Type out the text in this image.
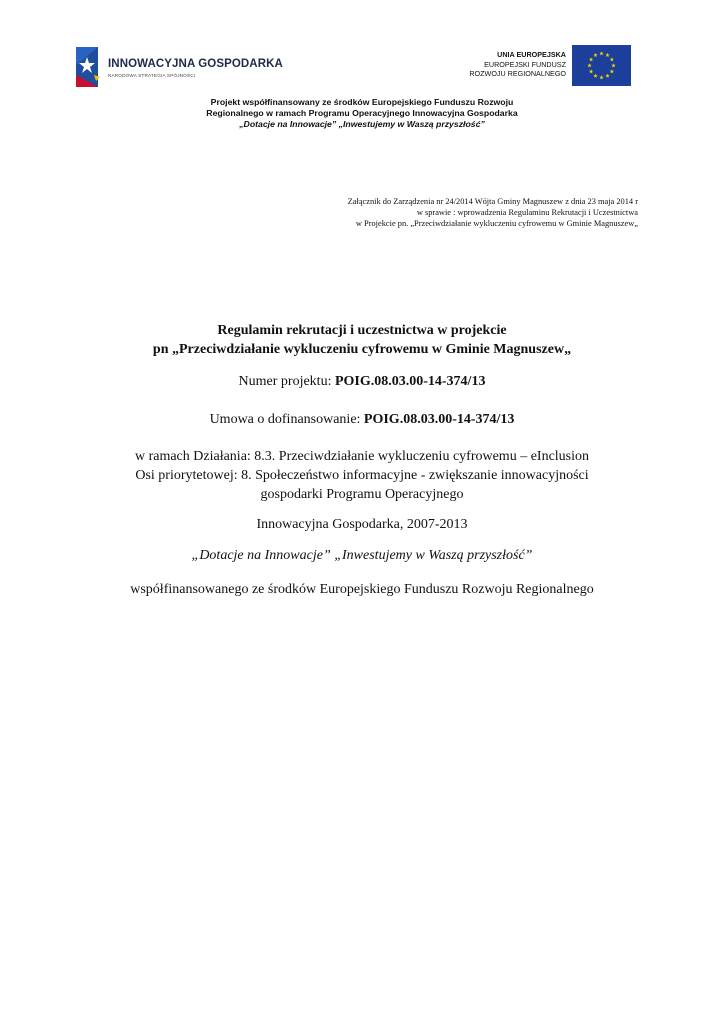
INNOWACYJNA GOSPODARKA
NARODOWA STRATEGIA SPÓJNOŚCI
UNIA EUROPEJSKA
EUROPEJSKI FUNDUSZ
ROZWOJU REGIONALNEGO
Projekt współfinansowany ze środków Europejskiego Funduszu Rozwoju
Regionalnego w ramach Programu Operacyjnego Innowacyjna Gospodarka
„Dotacje na Innowacje” „Inwestujemy w Waszą przyszłość”
Załącznik do Zarządzenia nr 24/2014 Wójta Gminy Magnuszew z dnia 23 maja 2014 r
w sprawie : wprowadzenia Regulaminu Rekrutacji i Uczestnictwa
w Projekcie pn. „Przeciwdziałanie wykluczeniu cyfrowemu w Gminie Magnuszew„
Regulamin rekrutacji i uczestnictwa w projekcie
pn „Przeciwdziałanie wykluczeniu cyfrowemu w Gminie Magnuszew„
Numer projektu: POIG.08.03.00-14-374/13
Umowa o dofinansowanie: POIG.08.03.00-14-374/13
w ramach Działania: 8.3. Przeciwdziałanie wykluczeniu cyfrowemu – eInclusion
Osi priorytetowej: 8. Społeczeństwo informacyjne - zwiększanie innowacyjności
gospodarki Programu Operacyjnego
Innowacyjna Gospodarka, 2007-2013
„Dotacje na Innowacje” „Inwestujemy w Waszą przyszłość”
współfinansowanego ze środków Europejskiego Funduszu Rozwoju Regionalnego
